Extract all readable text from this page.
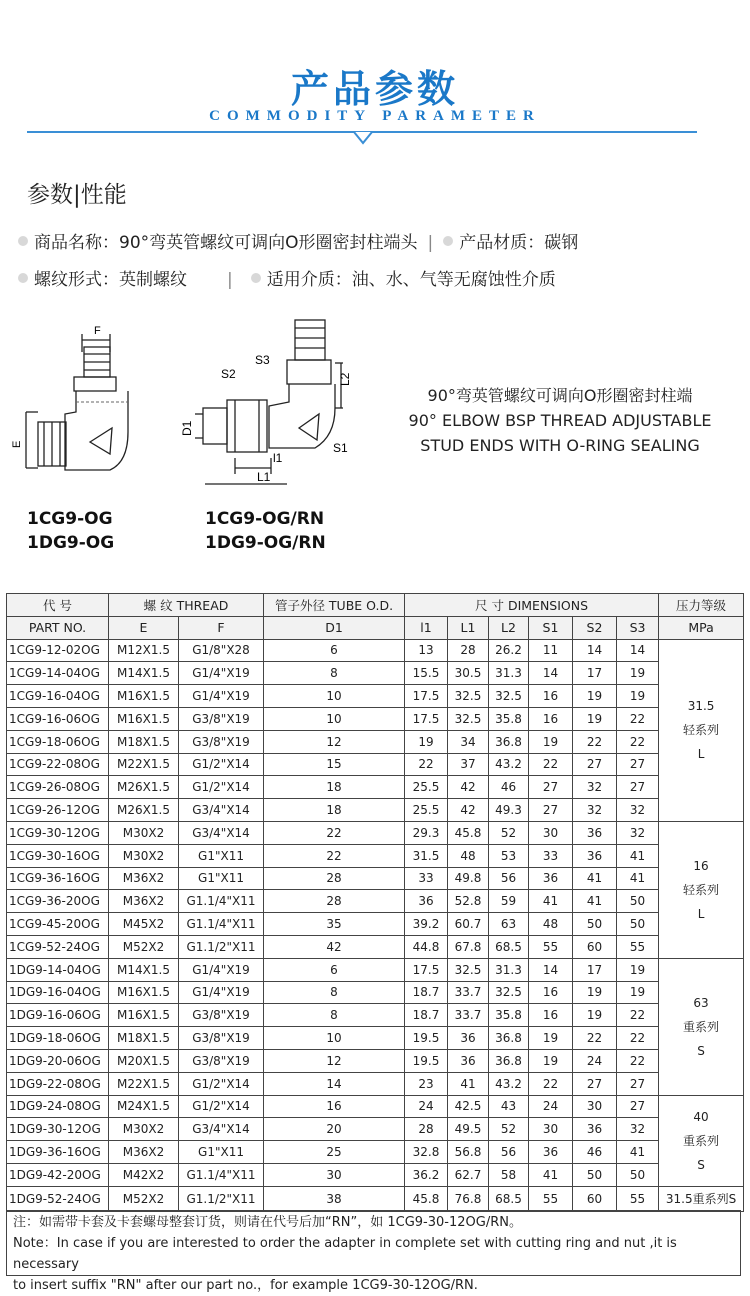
产品参数
COMMODITY PARAMETER
参数|性能
商品名称：90°弯英管螺纹可调向O形圈密封柱端头 | 产品材质：碳钢
螺纹形式：英制螺纹 | 适用介质：油、水、气等无腐蚀性介质
F
E
S3
S2
D1
L2
S1
l1
L1
1CG9-OG
1DG9-OG
1CG9-OG/RN
1DG9-OG/RN
90°弯英管螺纹可调向O形圈密封柱端
90° ELBOW BSP THREAD ADJUSTABLE
STUD ENDS WITH O-RING SEALING
代 号	螺 纹 THREAD		管子外径 TUBE O.D.	尺 寸 DIMENSIONS						压力等级
PART NO.	E	F	D1	l1	L1	L2	S1	S2	S3	MPa
1CG9-12-02OG	M12X1.5	G1/8"X28	6	13	28	26.2	11	14	14	31.5
轻系列
L

1CG9-14-04OG	M14X1.5	G1/4"X19	8	15.5	30.5	31.3	14	17	19	
1CG9-16-04OG	M16X1.5	G1/4"X19	10	17.5	32.5	32.5	16	19	19	
1CG9-16-06OG	M16X1.5	G3/8"X19	10	17.5	32.5	35.8	16	19	22	
1CG9-18-06OG	M18X1.5	G3/8"X19	12	19	34	36.8	19	22	22	
1CG9-22-08OG	M22X1.5	G1/2"X14	15	22	37	43.2	22	27	27	
1CG9-26-08OG	M26X1.5	G1/2"X14	18	25.5	42	46	27	32	27	
1CG9-26-12OG	M26X1.5	G3/4"X14	18	25.5	42	49.3	27	32	32	
1CG9-30-12OG	M30X2	G3/4"X14	22	29.3	45.8	52	30	36	32	16
轻系列
L

1CG9-30-16OG	M30X2	G1"X11	22	31.5	48	53	33	36	41	
1CG9-36-16OG	M36X2	G1"X11	28	33	49.8	56	36	41	41	
1CG9-36-20OG	M36X2	G1.1/4"X11	28	36	52.8	59	41	41	50	
1CG9-45-20OG	M45X2	G1.1/4"X11	35	39.2	60.7	63	48	50	50	
1CG9-52-24OG	M52X2	G1.1/2"X11	42	44.8	67.8	68.5	55	60	55	
1DG9-14-04OG	M14X1.5	G1/4"X19	6	17.5	32.5	31.3	14	17	19	63
重系列
S

1DG9-16-04OG	M16X1.5	G1/4"X19	8	18.7	33.7	32.5	16	19	19	
1DG9-16-06OG	M16X1.5	G3/8"X19	8	18.7	33.7	35.8	16	19	22	
1DG9-18-06OG	M18X1.5	G3/8"X19	10	19.5	36	36.8	19	22	22	
1DG9-20-06OG	M20X1.5	G3/8"X19	12	19.5	36	36.8	19	24	22	
1DG9-22-08OG	M22X1.5	G1/2"X14	14	23	41	43.2	22	27	27	
1DG9-24-08OG	M24X1.5	G1/2"X14	16	24	42.5	43	24	30	27	40
重系列
S

1DG9-30-12OG	M30X2	G3/4"X14	20	28	49.5	52	30	36	32	
1DG9-36-16OG	M36X2	G1"X11	25	32.8	56.8	56	36	46	41	
1DG9-42-20OG	M42X2	G1.1/4"X11	30	36.2	62.7	58	41	50	50	
1DG9-52-24OG	M52X2	G1.1/2"X11	38	45.8	76.8	68.5	55	60	55	31.5重系列S
注：如需带卡套及卡套螺母整套订货，则请在代号后加“RN”，如 1CG9-30-12OG/RN。
Note：In case if you are interested to order the adapter in complete set with cutting ring and nut ,it is necessary
to insert suffix "RN" after our part no.，for example 1CG9-30-12OG/RN.
